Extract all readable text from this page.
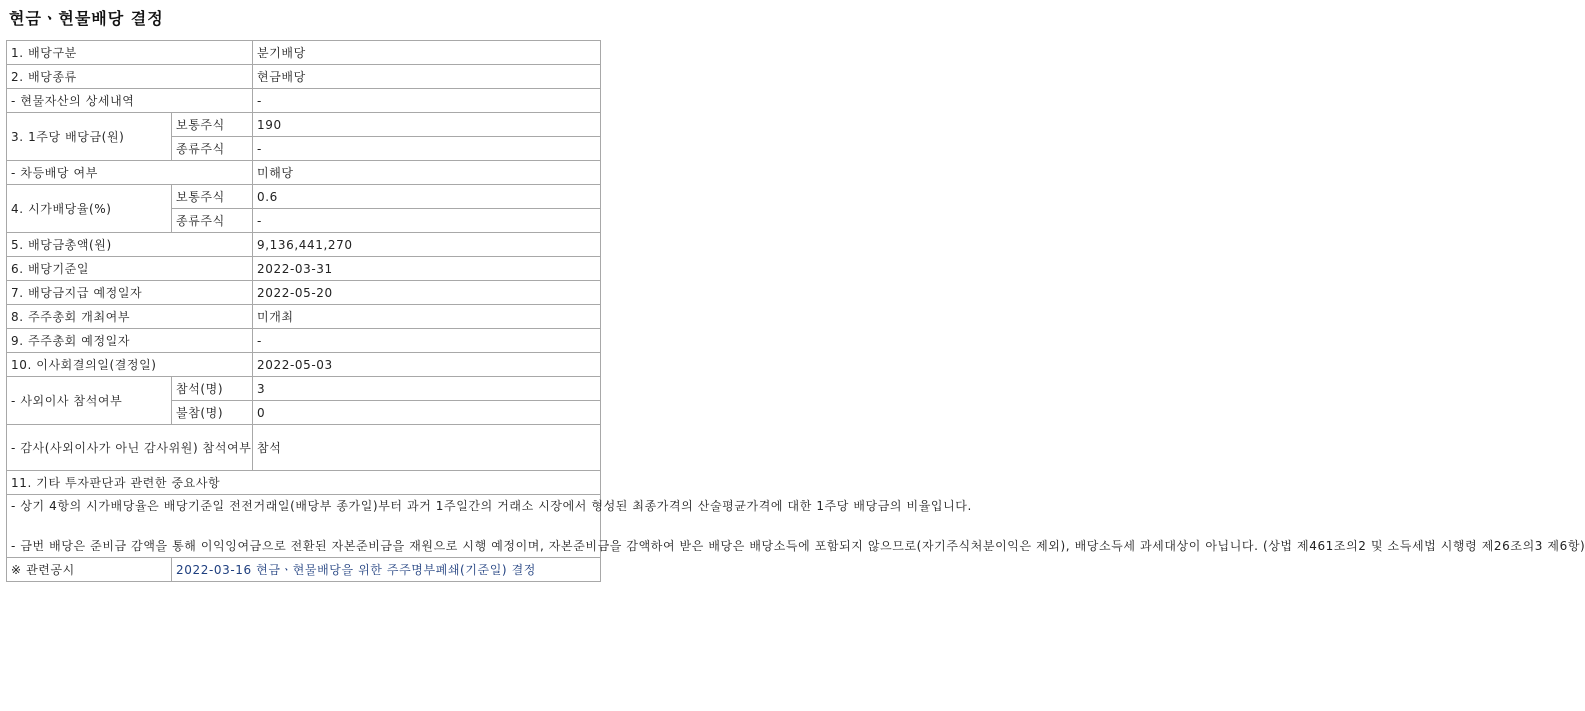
현금ㆍ현물배당 결정
1. 배당구분		분기배당
2. 배당종류		현금배당
- 현물자산의 상세내역		-
3. 1주당 배당금(원)	보통주식	190
	종류주식	-
- 차등배당 여부		미해당
4. 시가배당율(%)	보통주식	0.6
	종류주식	-
5. 배당금총액(원)		9,136,441,270
6. 배당기준일		2022-03-31
7. 배당금지급 예정일자		2022-05-20
8. 주주총회 개최여부		미개최
9. 주주총회 예정일자		-
10. 이사회결의일(결정일)		2022-05-03
- 사외이사 참석여부	참석(명)	3
	불참(명)	0
- 감사(사외이사가 아닌 감사위원) 참석여부		참석
11. 기타 투자판단과 관련한 중요사항		

- 상기 4항의 시가배당율은 배당기준일 전전거래일(배당부 종가일)부터 과거 1주일간의 거래소 시장에서 형성된 최종가격의 산술평균가격에 대한 1주당 배당금의 비율입니다.

- 금번 배당은 준비금 감액을 통해 이익잉여금으로 전환된 자본준비금을 재원으로 시행 예정이며, 자본준비금을 감액하여 받은 배당은 배당소득에 포함되지 않으므로(자기주식처분이익은 제외), 배당소득세 과세대상이 아닙니다. (상법 제461조의2 및 소득세법 시행령 제26조의3 제6항)		

※ 관련공시	2022-03-16 현금ㆍ현물배당을 위한 주주명부폐쇄(기준일) 결정	
